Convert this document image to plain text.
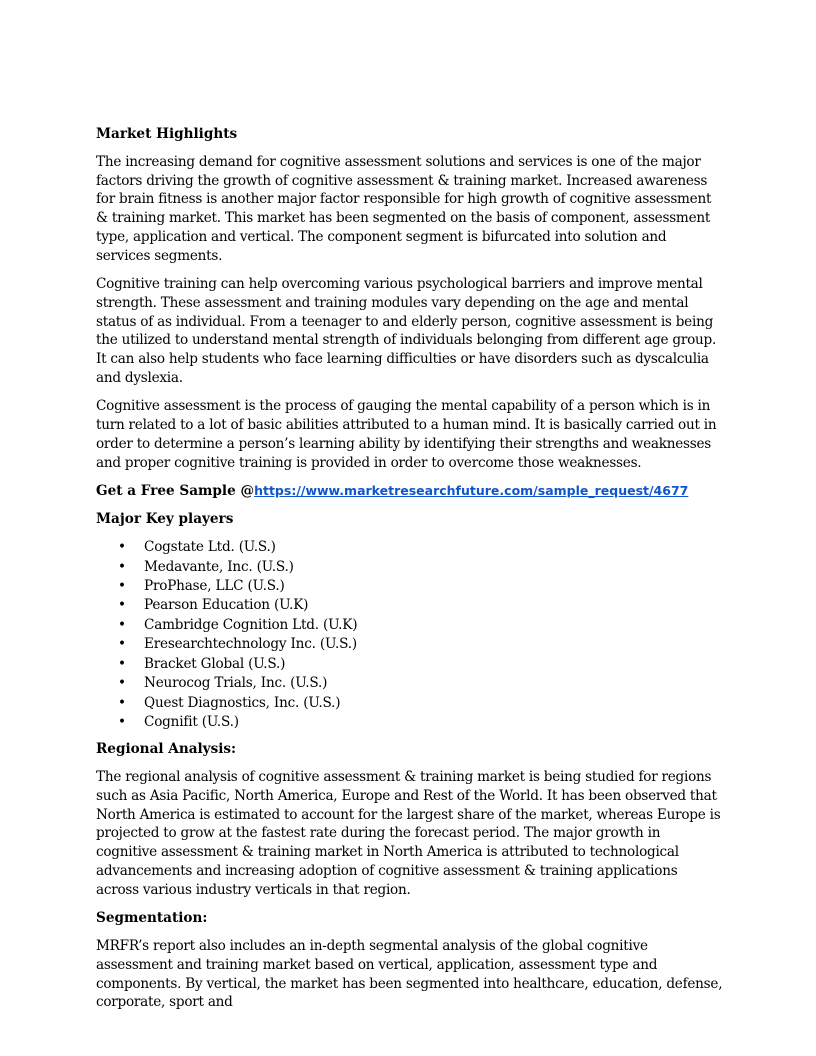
Market Highlights

The increasing demand for cognitive assessment solutions and services is one of the major factors driving the growth of cognitive assessment & training market. Increased awareness for brain fitness is another major factor responsible for high growth of cognitive assessment & training market. This market has been segmented on the basis of component, assessment type, application and vertical. The component segment is bifurcated into solution and services segments.

Cognitive training can help overcoming various psychological barriers and improve mental strength. These assessment and training modules vary depending on the age and mental status of as individual. From a teenager to and elderly person, cognitive assessment is being the utilized to understand mental strength of individuals belonging from different age group. It can also help students who face learning difficulties or have disorders such as dyscalculia and dyslexia.

Cognitive assessment is the process of gauging the mental capability of a person which is in turn related to a lot of basic abilities attributed to a human mind. It is basically carried out in order to determine a person’s learning ability by identifying their strengths and weaknesses and proper cognitive training is provided in order to overcome those weaknesses.

Get a Free Sample @https://www.marketresearchfuture.com/sample_request/4677
Major Key players
• Cogstate Ltd. (U.S.)
• Medavante, Inc. (U.S.)
• ProPhase, LLC (U.S.)
• Pearson Education (U.K)
• Cambridge Cognition Ltd. (U.K)
• Eresearchtechnology Inc. (U.S.)
• Bracket Global (U.S.)
• Neurocog Trials, Inc. (U.S.)
• Quest Diagnostics, Inc. (U.S.)
• Cognifit (U.S.)
Regional Analysis:

The regional analysis of cognitive assessment & training market is being studied for regions such as Asia Pacific, North America, Europe and Rest of the World. It has been observed that North America is estimated to account for the largest share of the market, whereas Europe is projected to grow at the fastest rate during the forecast period. The major growth in cognitive assessment & training market in North America is attributed to technological advancements and increasing adoption of cognitive assessment & training applications across various industry verticals in that region.

Segmentation:

MRFR’s report also includes an in-depth segmental analysis of the global cognitive assessment and training market based on vertical, application, assessment type and components. By vertical, the market has been segmented into healthcare, education, defense, corporate, sport and
